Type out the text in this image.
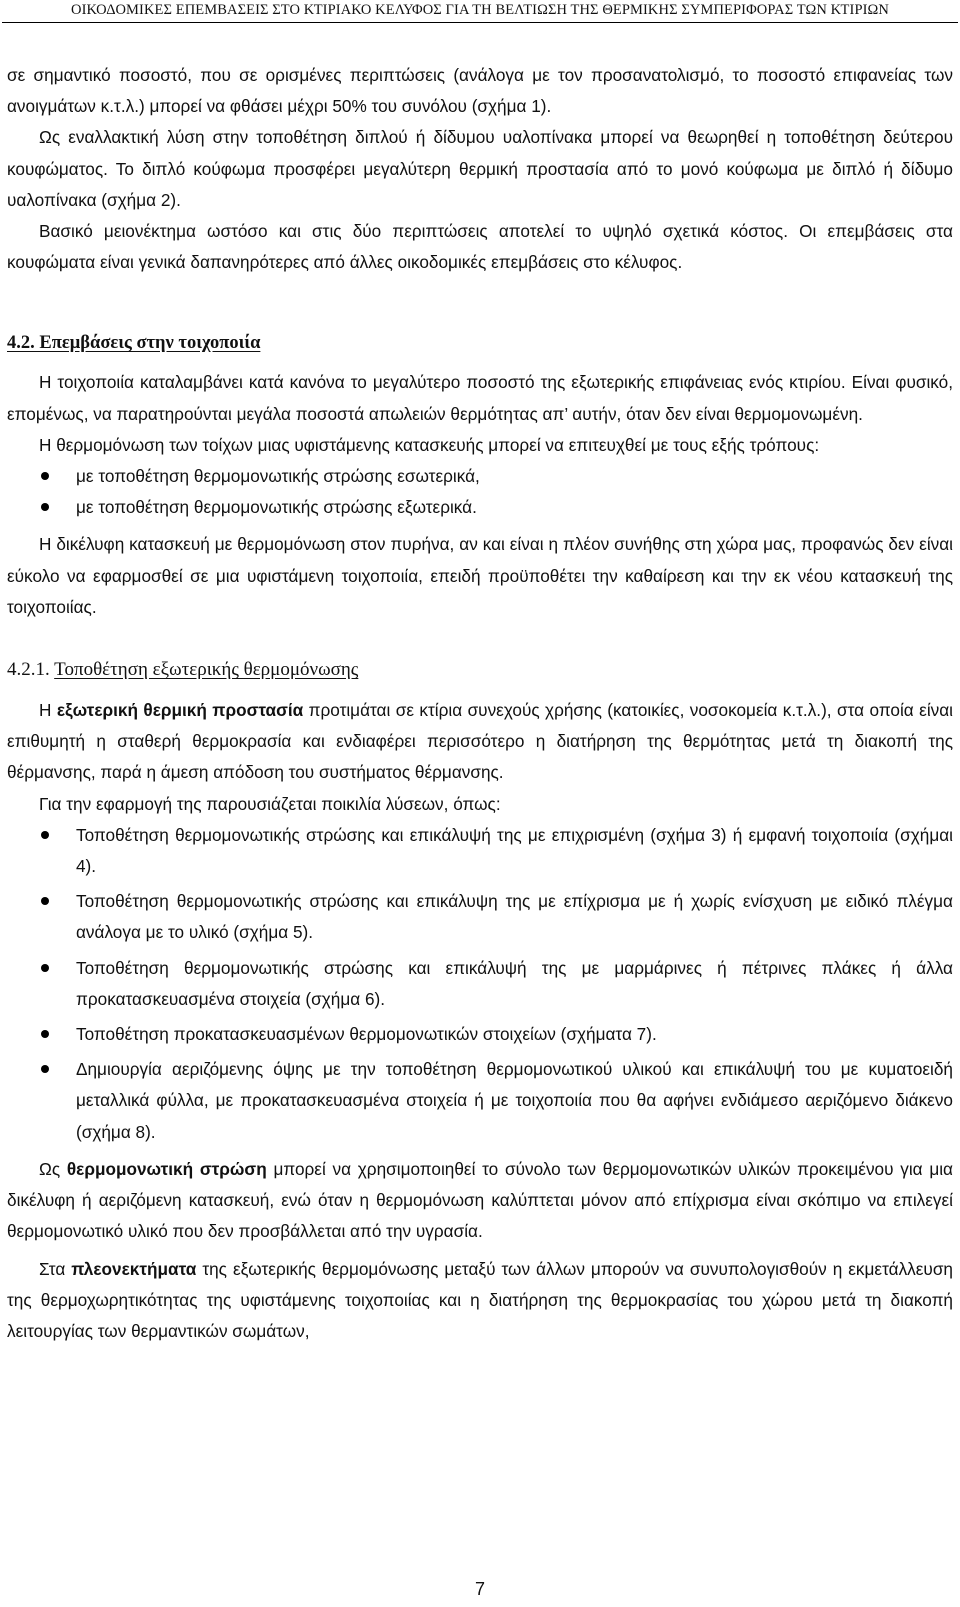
ΟΙΚΟΔΟΜΙΚΕΣ ΕΠΕΜΒΑΣΕΙΣ ΣΤΟ ΚΤΙΡΙΑΚΟ ΚΕΛΥΦΟΣ ΓΙΑ ΤΗ ΒΕΛΤΙΩΣΗ ΤΗΣ ΘΕΡΜΙΚΗΣ ΣΥΜΠΕΡΙΦΟΡΑΣ ΤΩΝ ΚΤΙΡΙΩΝ

σε σημαντικό ποσοστό, που σε ορισμένες περιπτώσεις (ανάλογα με τον προσανατολισμό, το ποσοστό επιφανείας των ανοιγμάτων κ.τ.λ.) μπορεί να φθάσει μέχρι 50% του συνόλου (σχήμα 1).

Ως εναλλακτική λύση στην τοποθέτηση διπλού ή δίδυμου υαλοπίνακα μπορεί να θεωρηθεί η τοποθέτηση δεύτερου κουφώματος. Το διπλό κούφωμα προσφέρει μεγαλύτερη θερμική προστασία από το μονό κούφωμα με διπλό ή δίδυμο υαλοπίνακα (σχήμα 2).

Βασικό μειονέκτημα ωστόσο και στις δύο περιπτώσεις αποτελεί το υψηλό σχετικά κόστος. Οι επεμβάσεις στα κουφώματα είναι γενικά δαπανηρότερες από άλλες οικοδομικές επεμβάσεις στο κέλυφος.

4.2. Επεμβάσεις στην τοιχοποιία

Η τοιχοποιία καταλαμβάνει κατά κανόνα το μεγαλύτερο ποσοστό της εξωτερικής επιφάνειας ενός κτιρίου. Είναι φυσικό, επομένως, να παρατηρούνται μεγάλα ποσοστά απωλειών θερμότητας απ’ αυτήν, όταν δεν είναι θερμομονωμένη.

Η θερμομόνωση των τοίχων μιας υφιστάμενης κατασκευής μπορεί να επιτευχθεί με τους εξής τρόπους:

με τοποθέτηση θερμομονωτικής στρώσης εσωτερικά,
με τοποθέτηση θερμομονωτικής στρώσης εξωτερικά.

Η δικέλυφη κατασκευή με θερμομόνωση στον πυρήνα, αν και είναι η πλέον συνήθης στη χώρα μας, προφανώς δεν είναι εύκολο να εφαρμοσθεί σε μια υφιστάμενη τοιχοποιία, επειδή προϋποθέτει την καθαίρεση και την εκ νέου κατασκευή της τοιχοποιίας.

4.2.1. Τοποθέτηση εξωτερικής θερμομόνωσης

Η εξωτερική θερμική προστασία προτιμάται σε κτίρια συνεχούς χρήσης (κατοικίες, νοσοκομεία κ.τ.λ.), στα οποία είναι επιθυμητή η σταθερή θερμοκρασία και ενδιαφέρει περισσότερο η διατήρηση της θερμότητας μετά τη διακοπή της θέρμανσης, παρά η άμεση απόδοση του συστήματος θέρμανσης.

Για την εφαρμογή της παρουσιάζεται ποικιλία λύσεων, όπως:

Τοποθέτηση θερμομονωτικής στρώσης και επικάλυψή της με επιχρισμένη (σχήμα 3) ή εμφανή τοιχοποιία (σχήμαι 4).
Τοποθέτηση θερμομονωτικής στρώσης και επικάλυψη της με επίχρισμα με ή χωρίς ενίσχυση με ειδικό πλέγμα ανάλογα με το υλικό (σχήμα 5).
Τοποθέτηση θερμομονωτικής στρώσης και επικάλυψή της με μαρμάρινες ή πέτρινες πλάκες ή άλλα προκατασκευασμένα στοιχεία (σχήμα 6).
Τοποθέτηση προκατασκευασμένων θερμομονωτικών στοιχείων (σχήματα 7).
Δημιουργία αεριζόμενης όψης με την τοποθέτηση θερμομονωτικού υλικού και επικάλυψή του με κυματοειδή μεταλλικά φύλλα, με προκατασκευασμένα στοιχεία ή με τοιχοποιία που θα αφήνει ενδιάμεσο αεριζόμενο διάκενο (σχήμα 8).

Ως θερμομονωτική στρώση μπορεί να χρησιμοποιηθεί το σύνολο των θερμομονωτικών υλικών προκειμένου για μια δικέλυφη ή αεριζόμενη κατασκευή, ενώ όταν η θερμομόνωση καλύπτεται μόνον από επίχρισμα είναι σκόπιμο να επιλεγεί θερμομονωτικό υλικό που δεν προσβάλλεται από την υγρασία.

Στα πλεονεκτήματα της εξωτερικής θερμομόνωσης μεταξύ των άλλων μπορούν να συνυπολογισθούν η εκμετάλλευση της θερμοχωρητικότητας της υφιστάμενης τοιχοποιίας και η διατήρηση της θερμοκρασίας του χώρου μετά τη διακοπή λειτουργίας των θερμαντικών σωμάτων,

7
